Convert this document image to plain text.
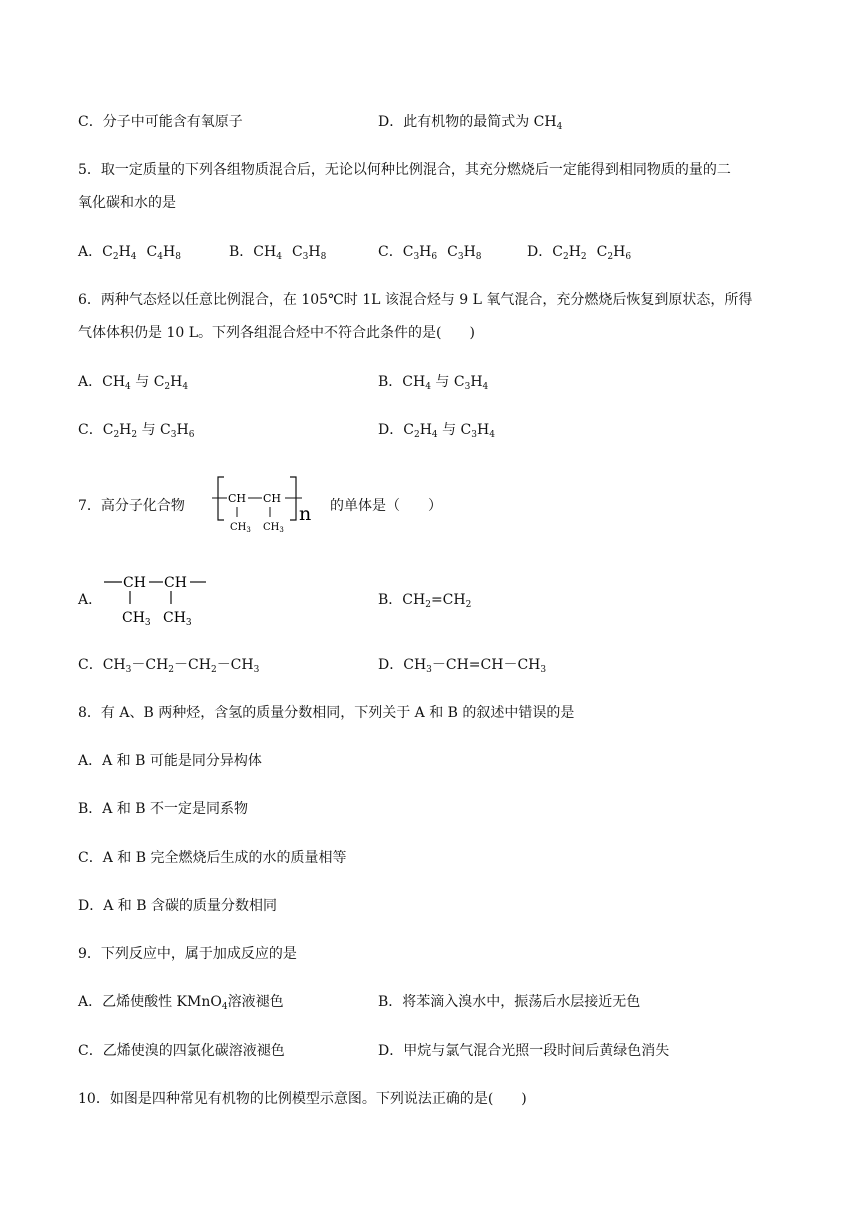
C．分子中可能含有氧原子	D．此有机物的最简式为 $CH_4$
5．取一定质量的下列各组物质混合后，无论以何种比例混合，其充分燃烧后一定能得到相同物质的量的二
氧化碳和水的是
A．$C_2H_4$ $C_4H_8$	B．$CH_4$ $C_3H_8$	C．$C_3H_6$ $C_3H_8$	D．$C_2H_2$ $C_2H_6$
6．两种气态烃以任意比例混合，在 105℃时 1L 该混合烃与 9 L 氧气混合，充分燃烧后恢复到原状态，所得
气体体积仍是 10 L。下列各组混合烃中不符合此条件的是(　　)
A．$CH_4$ 与 $C_2H_4$	B．$CH_4$ 与 $C_3H_4$
C．$C_2H_2$ 与 $C_3H_6$	D．$C_2H_4$ 与 $C_3H_4$
7．高分子化合物	CH CH
$CH_3$ $CH_3$
n 的单体是（　　）
A．
CH CH
$CH_3$ $CH_3$
B．$CH_2=CH_2$
C．$CH_3-CH_2-CH_2-CH_3$	D．$CH_3-CH=CH-CH_3$
8．有 A、B 两种烃，含氢的质量分数相同，下列关于 A 和 B 的叙述中错误的是
A．A 和 B 可能是同分异构体
B．A 和 B 不一定是同系物
C．A 和 B 完全燃烧后生成的水的质量相等
D．A 和 B 含碳的质量分数相同
9．下列反应中，属于加成反应的是
A．乙烯使酸性 KMnO$_4$溶液褪色	B．将苯滴入溴水中，振荡后水层接近无色
C．乙烯使溴的四氯化碳溶液褪色	D．甲烷与氯气混合光照一段时间后黄绿色消失
10．如图是四种常见有机物的比例模型示意图。下列说法正确的是(　　)
